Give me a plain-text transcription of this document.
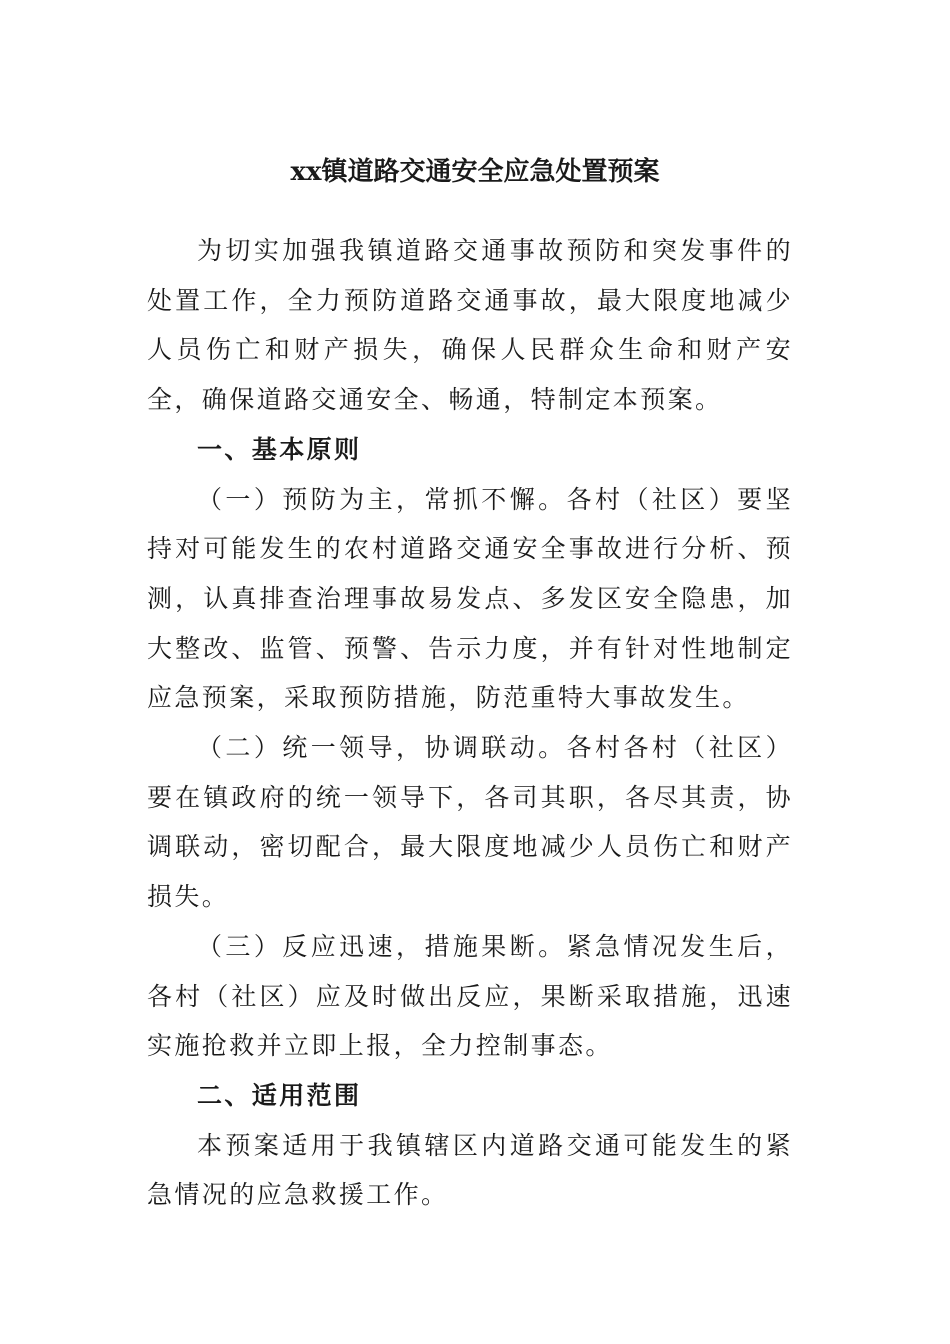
xx镇道路交通安全应急处置预案

为切实加强我镇道路交通事故预防和突发事件的处置工作，全力预防道路交通事故，最大限度地减少人员伤亡和财产损失，确保人民群众生命和财产安全，确保道路交通安全、畅通，特制定本预案。

一、基本原则

（一）预防为主，常抓不懈。各村（社区）要坚持对可能发生的农村道路交通安全事故进行分析、预测，认真排查治理事故易发点、多发区安全隐患，加大整改、监管、预警、告示力度，并有针对性地制定应急预案，采取预防措施，防范重特大事故发生。

（二）统一领导，协调联动。各村各村（社区）要在镇政府的统一领导下，各司其职，各尽其责，协调联动，密切配合，最大限度地减少人员伤亡和财产损失。

（三）反应迅速，措施果断。紧急情况发生后，各村（社区）应及时做出反应，果断采取措施，迅速实施抢救并立即上报，全力控制事态。

二、适用范围

本预案适用于我镇辖区内道路交通可能发生的紧急情况的应急救援工作。
